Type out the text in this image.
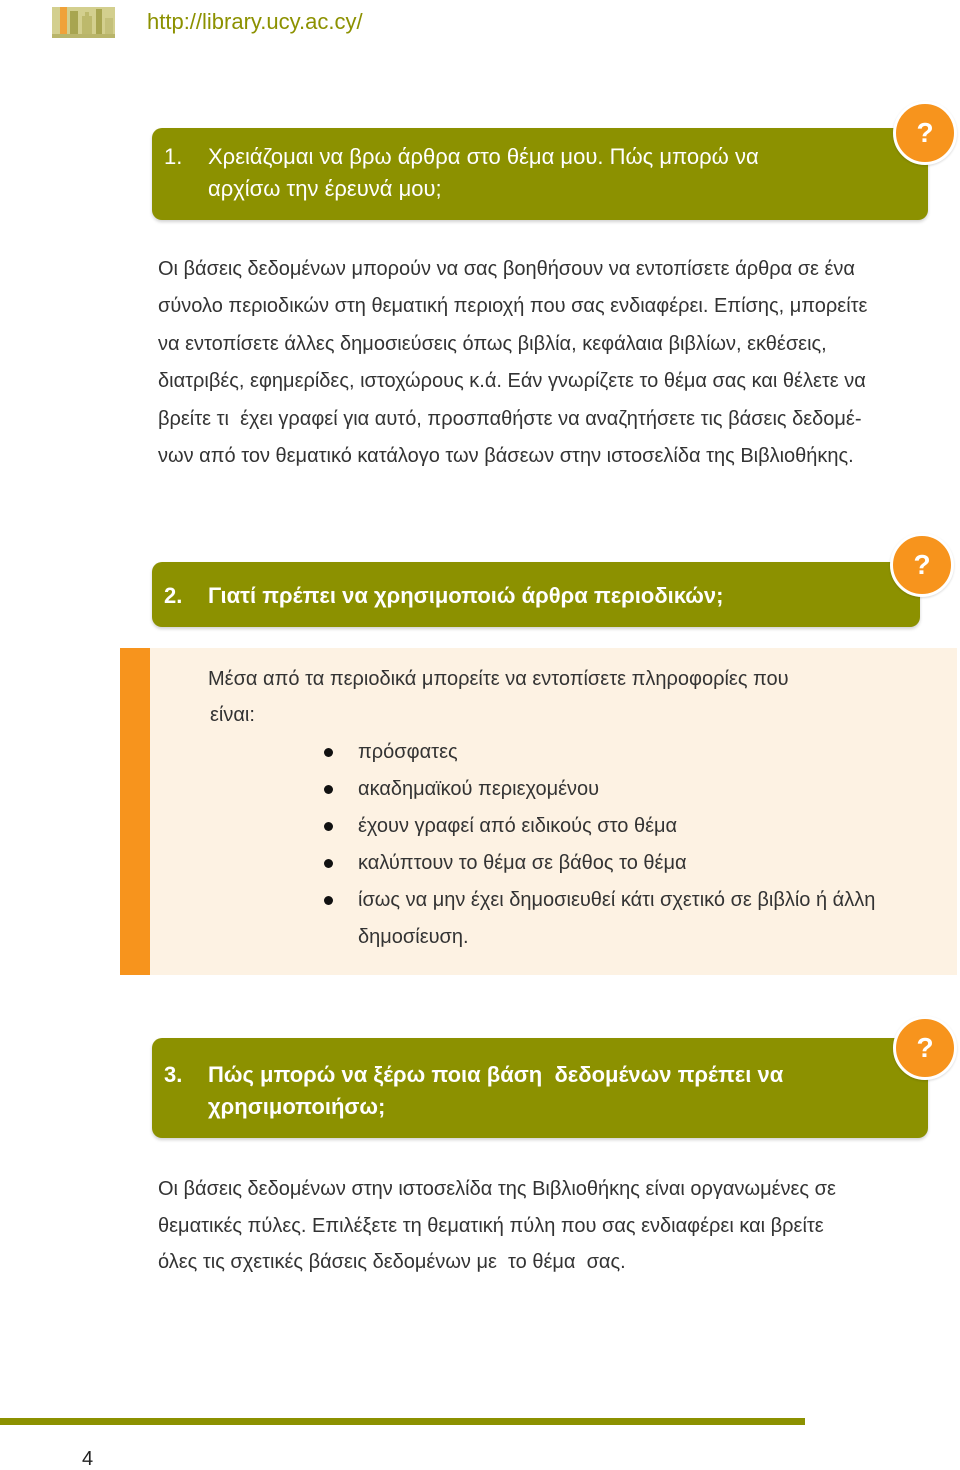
http://library.ucy.ac.cy/
1. Χρειάζομαι να βρω άρθρα στο θέμα μου. Πώς μπορώ να
αρχίσω την έρευνά μου;
?
Οι βάσεις δεδομένων μπορούν να σας βοηθήσουν να εντοπίσετε άρθρα σε ένα
σύνολο περιοδικών στη θεματική περιοχή που σας ενδιαφέρει. Επίσης, μπορείτε
να εντοπίσετε άλλες δημοσιεύσεις όπως βιβλία, κεφάλαια βιβλίων, εκθέσεις,
διατριβές, εφημερίδες, ιστοχώρους κ.ά. Εάν γνωρίζετε το θέμα σας και θέλετε να
βρείτε τι  έχει γραφεί για αυτό, προσπαθήστε να αναζητήσετε τις βάσεις δεδομέ-
νων από τον θεματικό κατάλογο των βάσεων στην ιστοσελίδα της Βιβλιοθήκης.
2. Γιατί πρέπει να χρησιμοποιώ άρθρα περιοδικών;
?
Μέσα από τα περιοδικά μπορείτε να εντοπίσετε πληροφορίες που
είναι:
πρόσφατες
ακαδημαϊκού περιεχομένου
έχουν γραφεί από ειδικούς στο θέμα
καλύπτουν το θέμα σε βάθος το θέμα
ίσως να μην έχει δημοσιευθεί κάτι σχετικό σε βιβλίο ή άλλη
δημοσίευση.
3. Πώς μπορώ να ξέρω ποια βάση  δεδομένων πρέπει να
χρησιμοποιήσω;
?
Οι βάσεις δεδομένων στην ιστοσελίδα της Βιβλιοθήκης είναι οργανωμένες σε
θεματικές πύλες. Επιλέξετε τη θεματική πύλη που σας ενδιαφέρει και βρείτε
όλες τις σχετικές βάσεις δεδομένων με  το θέμα  σας.
4
